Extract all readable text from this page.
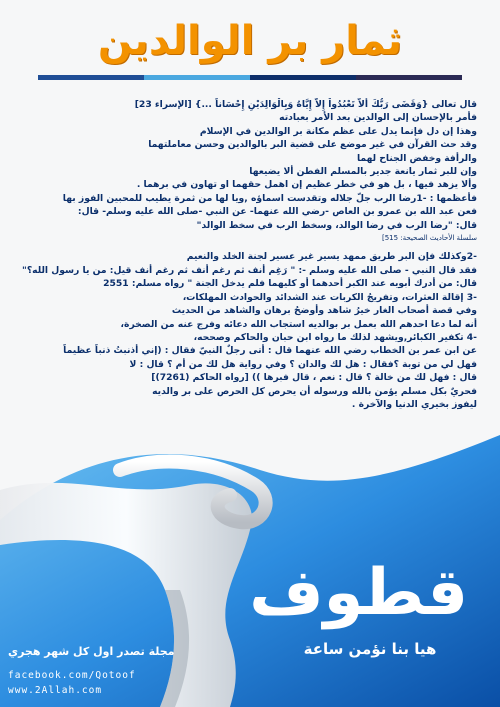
ثمار بر الوالدين

قال تعالى {وَقَضَى رَبُّكَ أَلاَّ تَعْبُدُواْ إِلاَّ إِيَّاهُ وَبِالْوَالِدَيْنِ إِحْسَاناً ...} [الإسراء 23]

فأمر بالإحسان إلى الوالدين بعد الأمر بعبادته

وهذا إن دل فإنما يدل على عظم مكانة بر الوالدين في الإسلام

وقد حث القرآن في غير موضع على قضية البر بالوالدين وحسن معاملتهما

والرأفة وخفض الجناح لهما

وإن للبر ثمار يانعة جدير بالمسلم الفطن ألا يضيعها

وألا يزهد فيها ، بل هو في خطر عظيم إن اهمل حقهما او تهاون في برهما .

فأعظمها : -1رضا الرب جلّ جلاله وتقدست اسماؤه ,ويا لها من ثمرة يطيب للمحبين الفوز بها

فعن عبد الله بن عمرو بن العاص -رضي الله عنهما- عن النبي -صلى الله عليه وسلم- قال:

قال: "رضا الرب في رضا الوالد، وسخط الرب في سخط الوالد"

سلسلة الأحاديث الصحيحة: 515]

-2وكذلك فإن البر طريق ممهد يسير غير عسير لجنة الخلد والنعيم

فقد قال النبي - صلى الله عليه وسلم -: " رَغِم أنف ثم رغم أنف ثم رغم أنف قيل: من يا رسول الله؟"

قال: من أدرك أبويه عند الكبر أحدهما أو كليهما فلم يدخل الجنة " رواه مسلم: 2551

-3 إقالة العثرات، وتفريجُ الكربات عند الشدائد والحوادث المهلكات،

وفي قصة أصحاب الغار خيرُ شاهد وأوضحُ برهان والشاهد من الحديث

أنه لما دعا احدهم الله بعمل بر بوالديه استجاب الله دعائه وفرج عنه من الصخرة،

-4 تكفير الكبائر,ويشهد لذلك ما رواه ابن حبان والحاكم وصححه،

عن ابن عمر بن الخطاب رضي الله عنهما قال : أتى رجلٌ النبيّ فقال : (إني أذنبتُ ذنباً عظيماً

فهل لي من توبة ؟فقال : هل لك والدان ؟ وفي رواية هل لك من أم ؟ قال : لا

قال : فهل لك من خالة ؟ قال : نعم ، قال فبرها )) [رواه الحاكم (7261)]

فحريٌ بكل مسلم يؤمن بالله ورسوله أن يحرص كل الحرص على بر والديه

ليفوز بخيري الدنيا والآخرة .

قطوف
هيا بنا نؤمن ساعة
مجلة تصدر اول كل شهر هجري
facebook.com/Qotoof
www.2Allah.com
